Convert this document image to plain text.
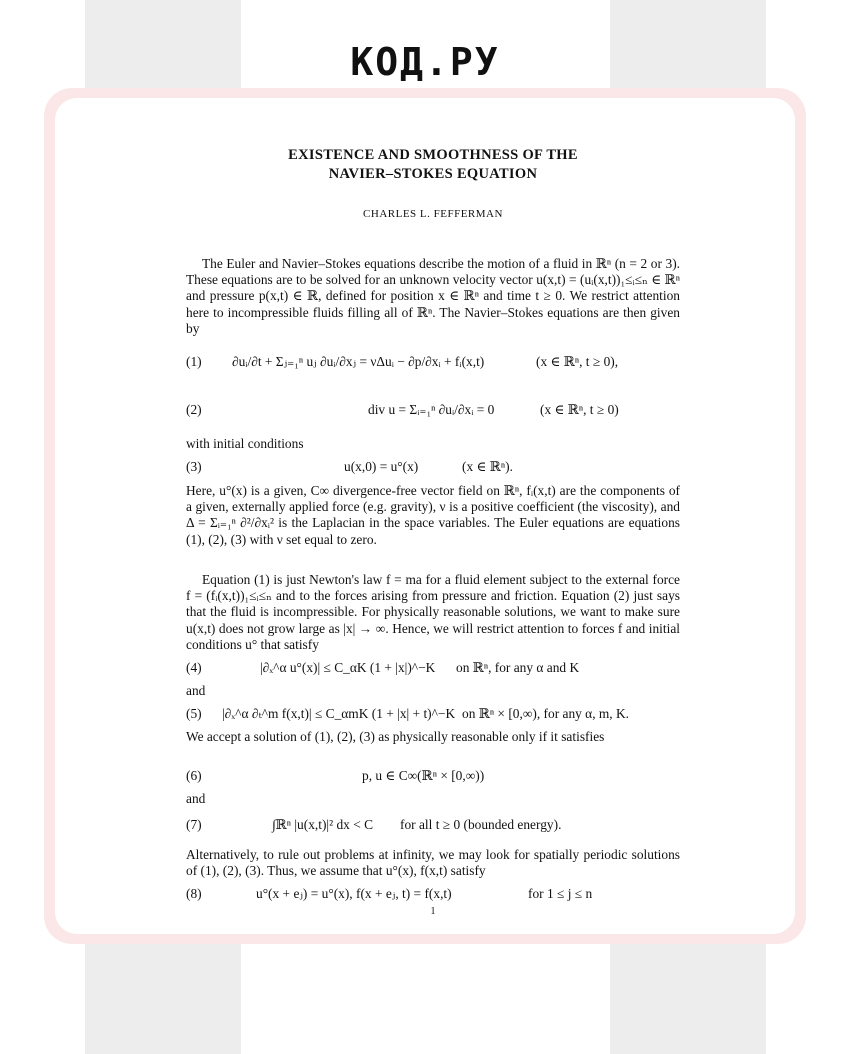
КОД.РУ
EXISTENCE AND SMOOTHNESS OF THE
NAVIER–STOKES EQUATION
CHARLES L. FEFFERMAN
The Euler and Navier–Stokes equations describe the motion of a fluid in ℝⁿ (n = 2 or 3). These equations are to be solved for an unknown velocity vector u(x,t) = (uᵢ(x,t))₁≤ᵢ≤ₙ ∈ ℝⁿ and pressure p(x,t) ∈ ℝ, defined for position x ∈ ℝⁿ and time t ≥ 0. We restrict attention here to incompressible fluids filling all of ℝⁿ. The Navier–Stokes equations are then given by
(1) ∂uᵢ/∂t + Σⱼ₌₁ⁿ uⱼ ∂uᵢ/∂xⱼ = νΔuᵢ − ∂p/∂xᵢ + fᵢ(x,t)	(x ∈ ℝⁿ, t ≥ 0),
(2)	div u = Σᵢ₌₁ⁿ ∂uᵢ/∂xᵢ = 0	(x ∈ ℝⁿ, t ≥ 0)
with initial conditions
(3)	u(x,0) = u°(x)	(x ∈ ℝⁿ).
Here, u°(x) is a given, C∞ divergence-free vector field on ℝⁿ, fᵢ(x,t) are the components of a given, externally applied force (e.g. gravity), ν is a positive coefficient (the viscosity), and Δ = Σᵢ₌₁ⁿ ∂²/∂xᵢ² is the Laplacian in the space variables. The Euler equations are equations (1), (2), (3) with ν set equal to zero.
Equation (1) is just Newton's law f = ma for a fluid element subject to the external force f = (fᵢ(x,t))₁≤ᵢ≤ₙ and to the forces arising from pressure and friction. Equation (2) just says that the fluid is incompressible. For physically reasonable solutions, we want to make sure u(x,t) does not grow large as |x| → ∞. Hence, we will restrict attention to forces f and initial conditions u° that satisfy
(4)	|∂ₓ^α u°(x)| ≤ C_αK (1 + |x|)^−K on ℝⁿ, for any α and K
and
(5) |∂ₓ^α ∂ₜ^m f(x,t)| ≤ C_αmK (1 + |x| + t)^−K on ℝⁿ × [0,∞), for any α, m, K.
We accept a solution of (1), (2), (3) as physically reasonable only if it satisfies
(6)	p, u ∈ C∞(ℝⁿ × [0,∞))
and
(7)	∫ℝⁿ |u(x,t)|² dx < C for all t ≥ 0 (bounded energy).
Alternatively, to rule out problems at infinity, we may look for spatially periodic solutions of (1), (2), (3). Thus, we assume that u°(x), f(x,t) satisfy
(8)	u°(x + eⱼ) = u°(x), f(x + eⱼ, t) = f(x,t)	for 1 ≤ j ≤ n
1
